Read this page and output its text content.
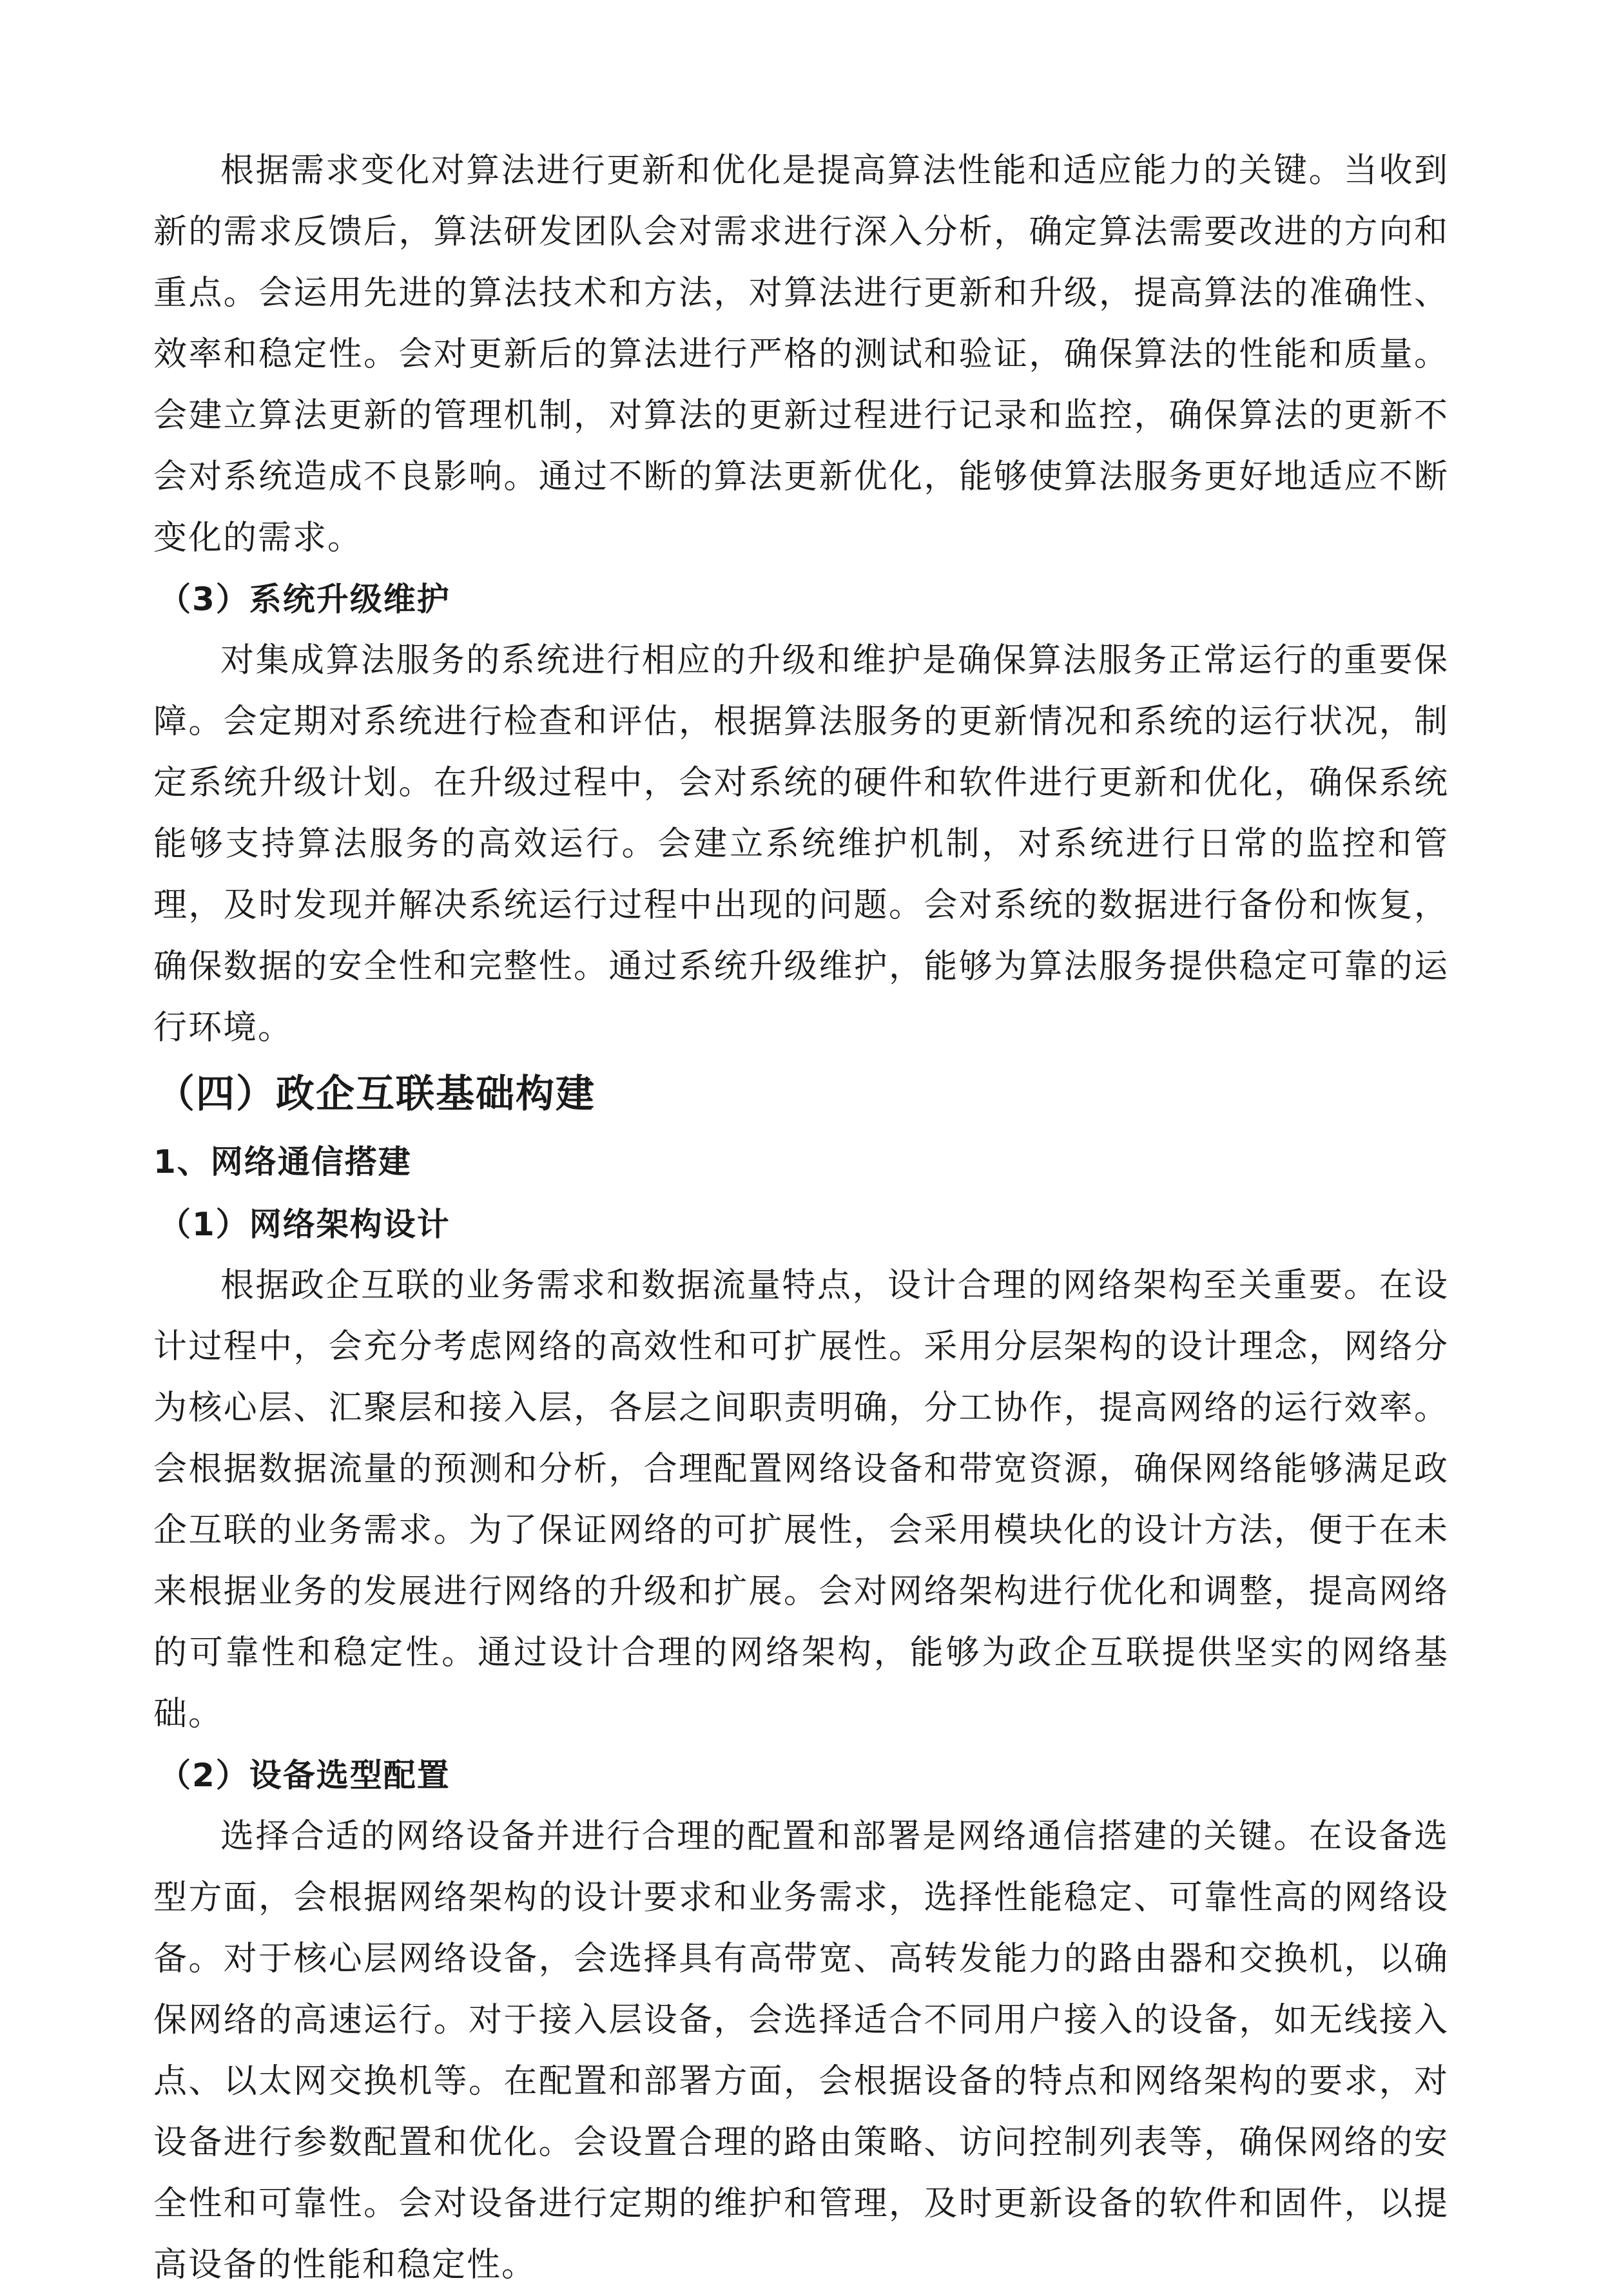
根据需求变化对算法进行更新和优化是提高算法性能和适应能力的关键。当收到新的需求反馈后，算法研发团队会对需求进行深入分析，确定算法需要改进的方向和重点。会运用先进的算法技术和方法，对算法进行更新和升级，提高算法的准确性、效率和稳定性。会对更新后的算法进行严格的测试和验证，确保算法的性能和质量。会建立算法更新的管理机制，对算法的更新过程进行记录和监控，确保算法的更新不会对系统造成不良影响。通过不断的算法更新优化，能够使算法服务更好地适应不断变化的需求。

（3）系统升级维护

对集成算法服务的系统进行相应的升级和维护是确保算法服务正常运行的重要保障。会定期对系统进行检查和评估，根据算法服务的更新情况和系统的运行状况，制定系统升级计划。在升级过程中，会对系统的硬件和软件进行更新和优化，确保系统能够支持算法服务的高效运行。会建立系统维护机制，对系统进行日常的监控和管理，及时发现并解决系统运行过程中出现的问题。会对系统的数据进行备份和恢复，确保数据的安全性和完整性。通过系统升级维护，能够为算法服务提供稳定可靠的运行环境。

（四）政企互联基础构建

1、网络通信搭建

（1）网络架构设计

根据政企互联的业务需求和数据流量特点，设计合理的网络架构至关重要。在设计过程中，会充分考虑网络的高效性和可扩展性。采用分层架构的设计理念，网络分为核心层、汇聚层和接入层，各层之间职责明确，分工协作，提高网络的运行效率。会根据数据流量的预测和分析，合理配置网络设备和带宽资源，确保网络能够满足政企互联的业务需求。为了保证网络的可扩展性，会采用模块化的设计方法，便于在未来根据业务的发展进行网络的升级和扩展。会对网络架构进行优化和调整，提高网络的可靠性和稳定性。通过设计合理的网络架构，能够为政企互联提供坚实的网络基础。

（2）设备选型配置

选择合适的网络设备并进行合理的配置和部署是网络通信搭建的关键。在设备选型方面，会根据网络架构的设计要求和业务需求，选择性能稳定、可靠性高的网络设备。对于核心层网络设备，会选择具有高带宽、高转发能力的路由器和交换机，以确保网络的高速运行。对于接入层设备，会选择适合不同用户接入的设备，如无线接入点、以太网交换机等。在配置和部署方面，会根据设备的特点和网络架构的要求，对设备进行参数配置和优化。会设置合理的路由策略、访问控制列表等，确保网络的安全性和可靠性。会对设备进行定期的维护和管理，及时更新设备的软件和固件，以提高设备的性能和稳定性。
